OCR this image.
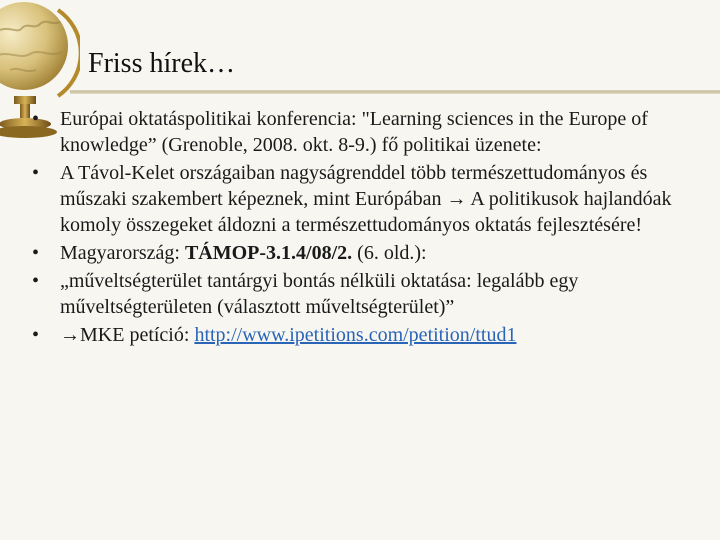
Friss hírek…
• Európai oktatáspolitikai konferencia: "Learning sciences in the Europe of knowledge” (Grenoble, 2008. okt. 8-9.) fő politikai üzenete:
• A Távol-Kelet országaiban nagyságrenddel több természettudományos és műszaki szakembert képeznek, mint Európában → A politikusok hajlandóak komoly összegeket áldozni a természettudományos oktatás fejlesztésére!
• Magyarország: TÁMOP-3.1.4/08/2. (6. old.):
• „műveltségterület tantárgyi bontás nélküli oktatása: legalább egy műveltségterületen (választott műveltségterület)”
• →MKE petíció: http://www.ipetitions.com/petition/ttud1
